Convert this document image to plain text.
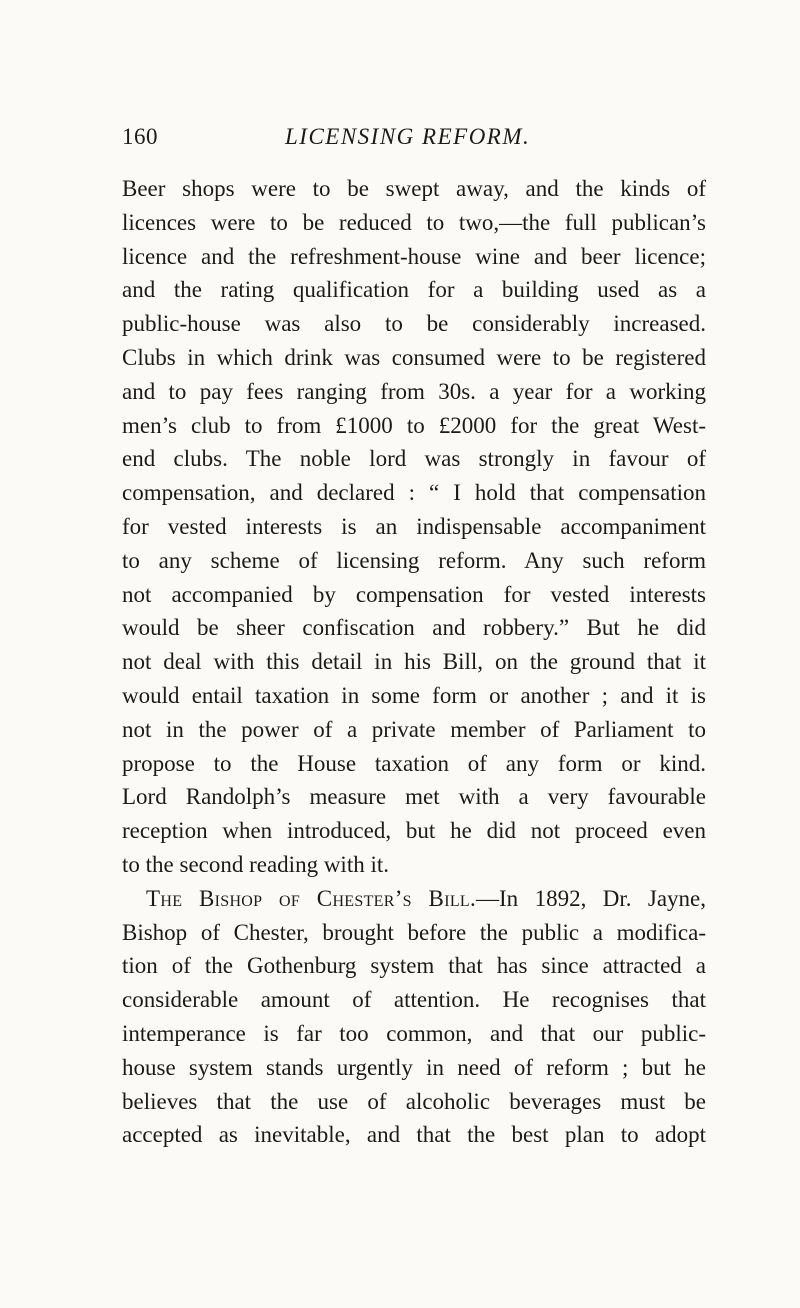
160	LICENSING REFORM.
Beer shops were to be swept away, and the kinds of
licences were to be reduced to two,—the full publican’s
licence and the refreshment-house wine and beer licence;
and the rating qualification for a building used as a
public-house was also to be considerably increased.
Clubs in which drink was consumed were to be registered
and to pay fees ranging from 30s. a year for a working
men’s club to from £1000 to £2000 for the great West-
end clubs. The noble lord was strongly in favour of
compensation, and declared : “ I hold that compensation
for vested interests is an indispensable accompaniment
to any scheme of licensing reform. Any such reform
not accompanied by compensation for vested interests
would be sheer confiscation and robbery.” But he did
not deal with this detail in his Bill, on the ground that it
would entail taxation in some form or another ; and it is
not in the power of a private member of Parliament to
propose to the House taxation of any form or kind.
Lord Randolph’s measure met with a very favourable
reception when introduced, but he did not proceed even
to the second reading with it.
The Bishop of Chester’s Bill.—In 1892, Dr. Jayne,
Bishop of Chester, brought before the public a modifica-
tion of the Gothenburg system that has since attracted a
considerable amount of attention. He recognises that
intemperance is far too common, and that our public-
house system stands urgently in need of reform ; but he
believes that the use of alcoholic beverages must be
accepted as inevitable, and that the best plan to adopt
